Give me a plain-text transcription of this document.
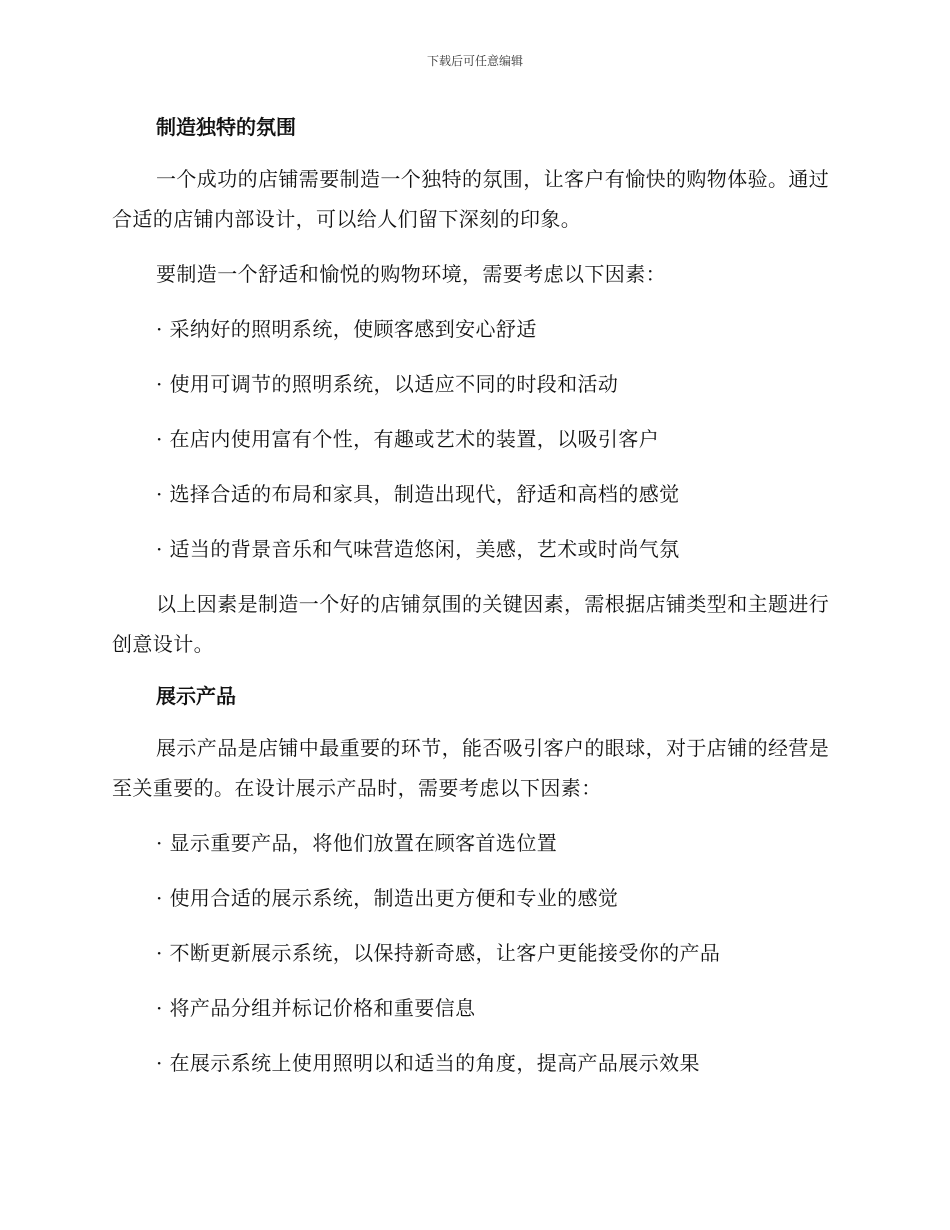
下载后可任意编辑
制造独特的氛围

一个成功的店铺需要制造一个独特的氛围，让客户有愉快的购物体验。通过合适的店铺内部设计，可以给人们留下深刻的印象。

要制造一个舒适和愉悦的购物环境，需要考虑以下因素：

· 采纳好的照明系统，使顾客感到安心舒适

· 使用可调节的照明系统，以适应不同的时段和活动

· 在店内使用富有个性，有趣或艺术的装置，以吸引客户

· 选择合适的布局和家具，制造出现代，舒适和高档的感觉

· 适当的背景音乐和气味营造悠闲，美感，艺术或时尚气氛

以上因素是制造一个好的店铺氛围的关键因素，需根据店铺类型和主题进行创意设计。

展示产品

展示产品是店铺中最重要的环节，能否吸引客户的眼球，对于店铺的经营是至关重要的。在设计展示产品时，需要考虑以下因素：

· 显示重要产品，将他们放置在顾客首选位置

· 使用合适的展示系统，制造出更方便和专业的感觉

· 不断更新展示系统，以保持新奇感，让客户更能接受你的产品

· 将产品分组并标记价格和重要信息

· 在展示系统上使用照明以和适当的角度，提高产品展示效果
